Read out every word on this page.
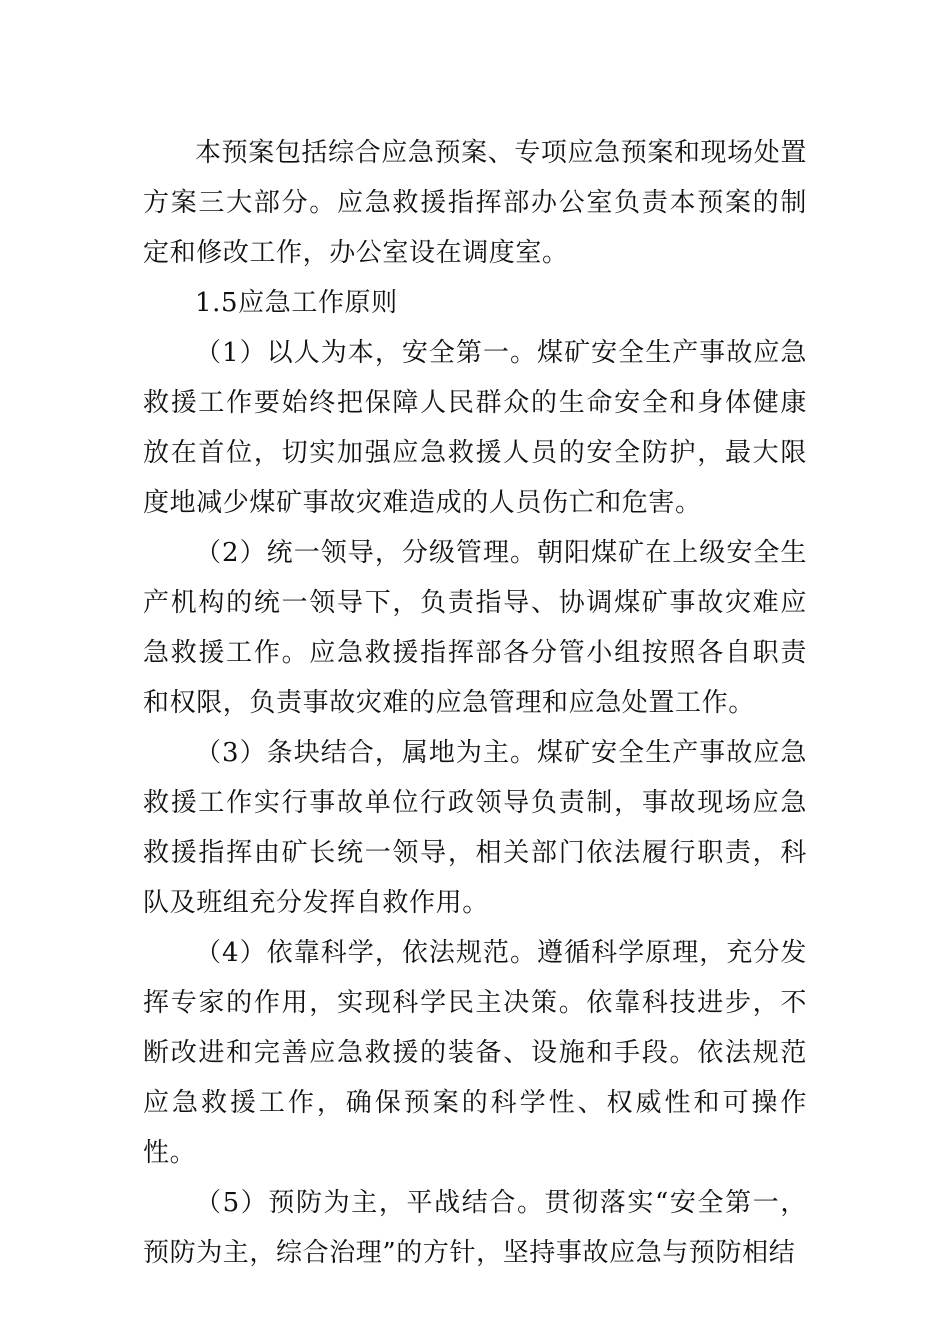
本预案包括综合应急预案、专项应急预案和现场处置方案三大部分。应急救援指挥部办公室负责本预案的制定和修改工作，办公室设在调度室。

1.5应急工作原则

（1）以人为本，安全第一。煤矿安全生产事故应急救援工作要始终把保障人民群众的生命安全和身体健康放在首位，切实加强应急救援人员的安全防护，最大限度地减少煤矿事故灾难造成的人员伤亡和危害。

（2）统一领导，分级管理。朝阳煤矿在上级安全生产机构的统一领导下，负责指导、协调煤矿事故灾难应急救援工作。应急救援指挥部各分管小组按照各自职责和权限，负责事故灾难的应急管理和应急处置工作。

（3）条块结合，属地为主。煤矿安全生产事故应急救援工作实行事故单位行政领导负责制，事故现场应急救援指挥由矿长统一领导，相关部门依法履行职责，科队及班组充分发挥自救作用。

（4）依靠科学，依法规范。遵循科学原理，充分发挥专家的作用，实现科学民主决策。依靠科技进步，不断改进和完善应急救援的装备、设施和手段。依法规范应急救援工作，确保预案的科学性、权威性和可操作性。

（5）预防为主，平战结合。贯彻落实“安全第一，预防为主，综合治理”的方针，坚持事故应急与预防相结
